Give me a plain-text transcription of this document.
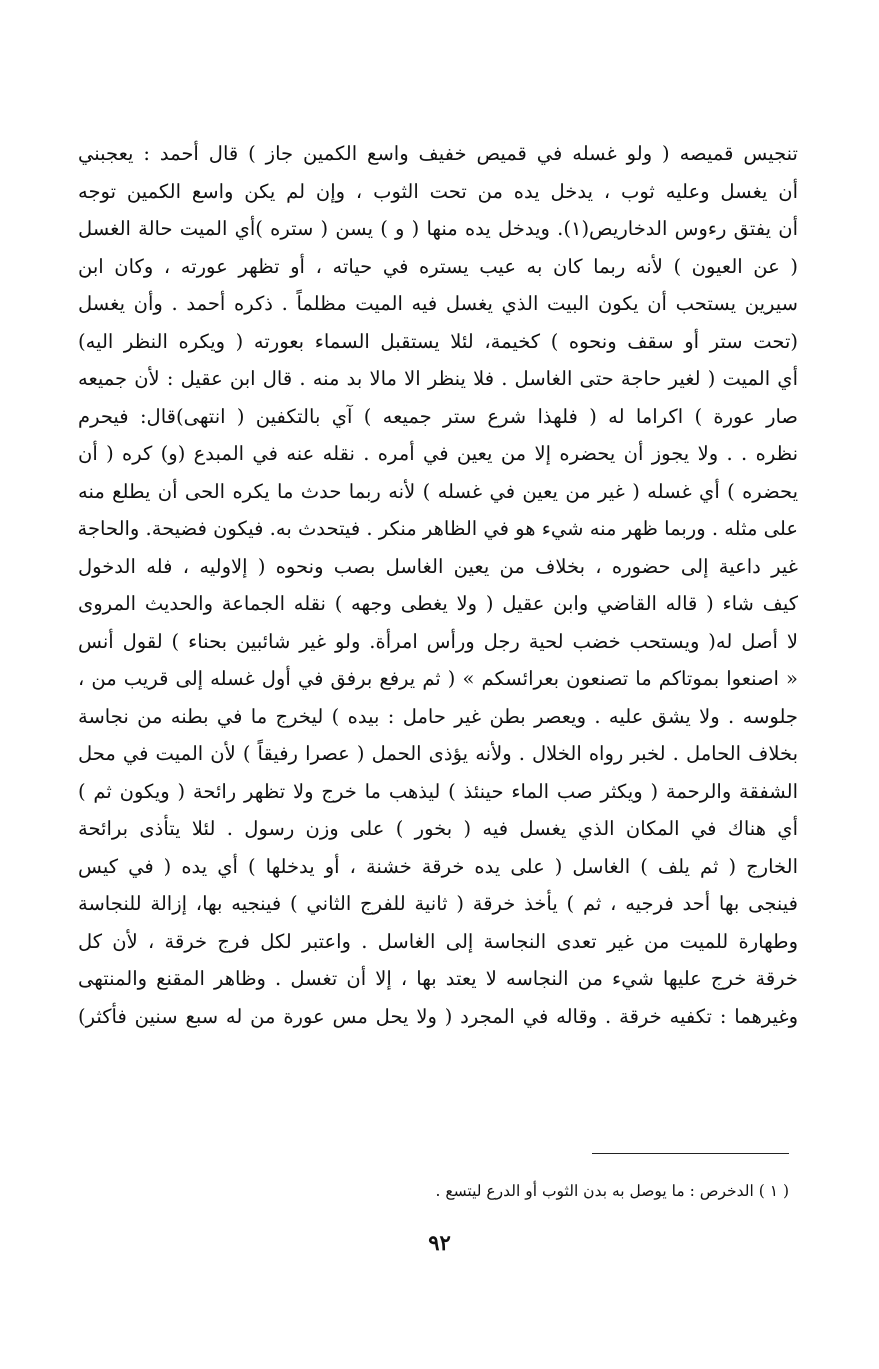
تنجيس قميصه ( ولو غسله في قميص خفيف واسع الكمين جاز ) قال أحمد : يعجبني
أن يغسل وعليه ثوب ، يدخل يده من تحت الثوب ، وإن لم يكن واسع الكمين توجه
أن يفتق رءوس الدخاريص(١). ويدخل يده منها ( و ) يسن ( ستره )أي الميت حالة الغسل
( عن العيون ) لأنه ربما كان به عيب يستره في حياته ، أو تظهر عورته ، وكان ابن
سيرين يستحب أن يكون البيت الذي يغسل فيه الميت مظلماً . ذكره أحمد . وأن يغسل
(تحت ستر أو سقف ونحوه ) كخيمة، لئلا يستقبل السماء بعورته ( ويكره النظر اليه)
أي الميت ( لغير حاجة حتى الغاسل . فلا ينظر الا مالا بد منه . قال ابن عقيل : لأن جميعه
صار عورة ) اكراما له ( فلهذا شرع ستر جميعه ) آي بالتكفين ( انتهى)قال: فيحرم
نظره . . ولا يجوز أن يحضره إلا من يعين في أمره . نقله عنه في المبدع (و) كره ( أن
يحضره ) أي غسله ( غير من يعين في غسله ) لأنه ربما حدث ما يكره الحى أن يطلع منه
على مثله . وربما ظهر منه شيء هو في الظاهر منكر . فيتحدث به. فيكون فضيحة. والحاجة
غير داعية إلى حضوره ، بخلاف من يعين الغاسل بصب ونحوه ( إلاوليه ، فله الدخول
كيف شاء ( قاله القاضي وابن عقيل ( ولا يغطى وجهه ) نقله الجماعة والحديث المروى
لا أصل له( ويستحب خضب لحية رجل ورأس امرأة. ولو غير شائبين بحناء ) لقول أنس
« اصنعوا بموتاكم ما تصنعون بعرائسكم » ( ثم يرفع برفق في أول غسله إلى قريب من ،
جلوسه . ولا يشق عليه . ويعصر بطن غير حامل : بيده ) ليخرج ما في بطنه من نجاسة
بخلاف الحامل . لخبر رواه الخلال . ولأنه يؤذى الحمل ( عصرا رفيقاً ) لأن الميت في محل
الشفقة والرحمة ( ويكثر صب الماء حينئذ ) ليذهب ما خرج ولا تظهر رائحة ( ويكون ثم )
أي هناك في المكان الذي يغسل فيه ( بخور ) على وزن رسول . لئلا يتأذى برائحة
الخارج ( ثم يلف ) الغاسل ( على يده خرقة خشنة ، أو يدخلها ) أي يده ( في كيس
فينجى بها أحد فرجيه ، ثم ) يأخذ خرقة ( ثانية للفرج الثاني ) فينجيه بها، إزالة للنجاسة
وطهارة للميت من غير تعدى النجاسة إلى الغاسل . واعتبر لكل فرج خرقة ، لأن كل
خرقة خرج عليها شيء من النجاسه لا يعتد بها ، إلا أن تغسل . وظاهر المقنع والمنتهى
وغيرهما : تكفيه خرقة . وقاله في المجرد ( ولا يحل مس عورة من له سبع سنين فأكثر)
( ١ ) الدخرص : ما يوصل به بدن الثوب أو الدرع ليتسع .
٩٢
